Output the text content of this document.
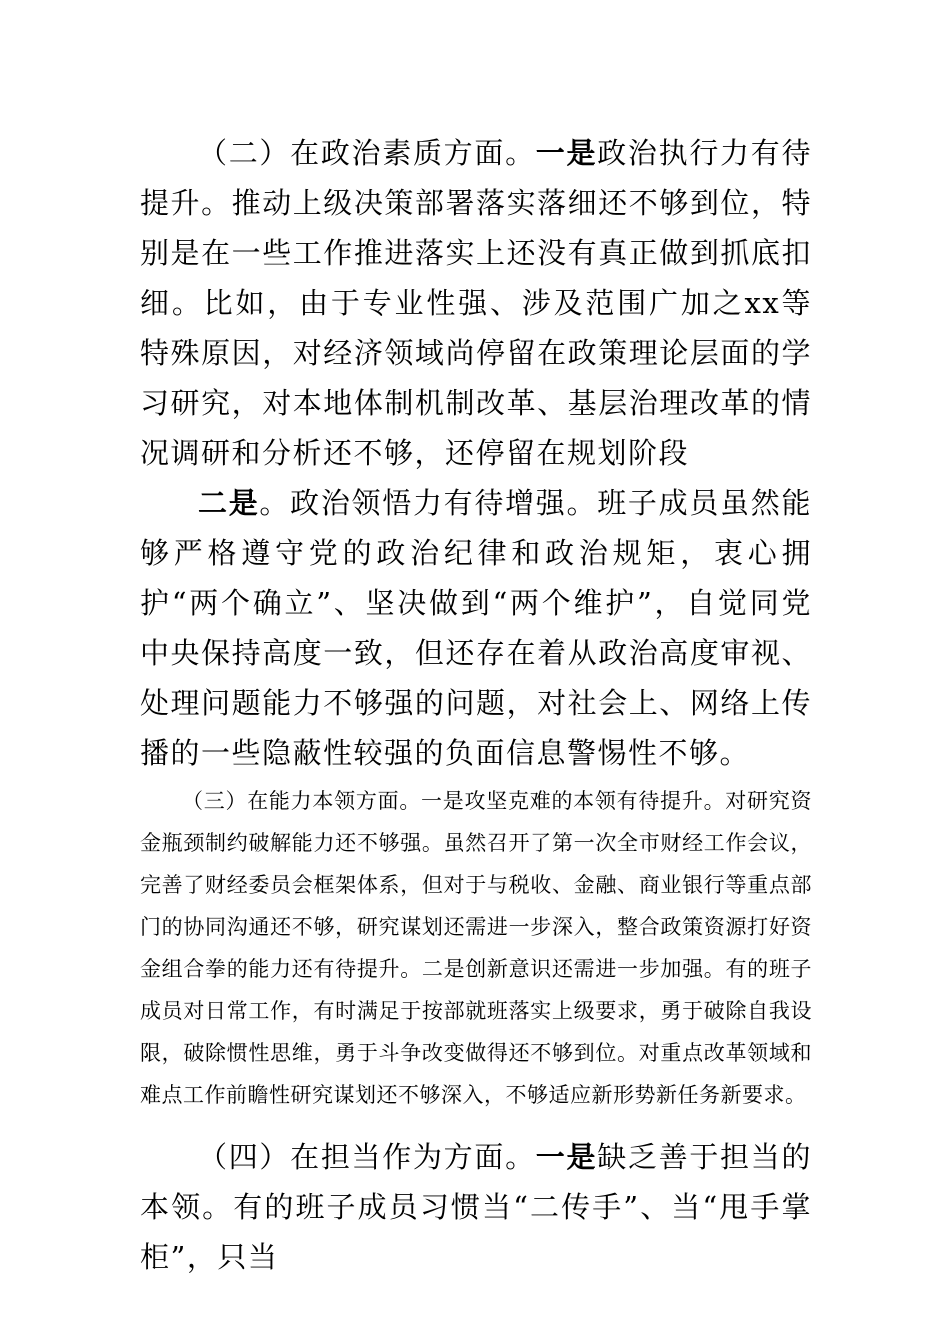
（二）在政治素质方面。一是政治执行力有待提升。推动上级决策部署落实落细还不够到位，特别是在一些工作推进落实上还没有真正做到抓底扣细。比如，由于专业性强、涉及范围广加之xx等特殊原因，对经济领域尚停留在政策理论层面的学习研究，对本地体制机制改革、基层治理改革的情况调研和分析还不够，还停留在规划阶段

二是。政治领悟力有待增强。班子成员虽然能够严格遵守党的政治纪律和政治规矩，衷心拥护“两个确立”、坚决做到“两个维护”，自觉同党中央保持高度一致，但还存在着从政治高度审视、处理问题能力不够强的问题，对社会上、网络上传播的一些隐蔽性较强的负面信息警惕性不够。

（三）在能力本领方面。一是攻坚克难的本领有待提升。对研究资金瓶颈制约破解能力还不够强。虽然召开了第一次全市财经工作会议，完善了财经委员会框架体系，但对于与税收、金融、商业银行等重点部门的协同沟通还不够，研究谋划还需进一步深入，整合政策资源打好资金组合拳的能力还有待提升。二是创新意识还需进一步加强。有的班子成员对日常工作，有时满足于按部就班落实上级要求，勇于破除自我设限，破除惯性思维，勇于斗争改变做得还不够到位。对重点改革领域和难点工作前瞻性研究谋划还不够深入，不够适应新形势新任务新要求。

（四）在担当作为方面。一是缺乏善于担当的本领。有的班子成员习惯当“二传手”、当“甩手掌柜”，只当
